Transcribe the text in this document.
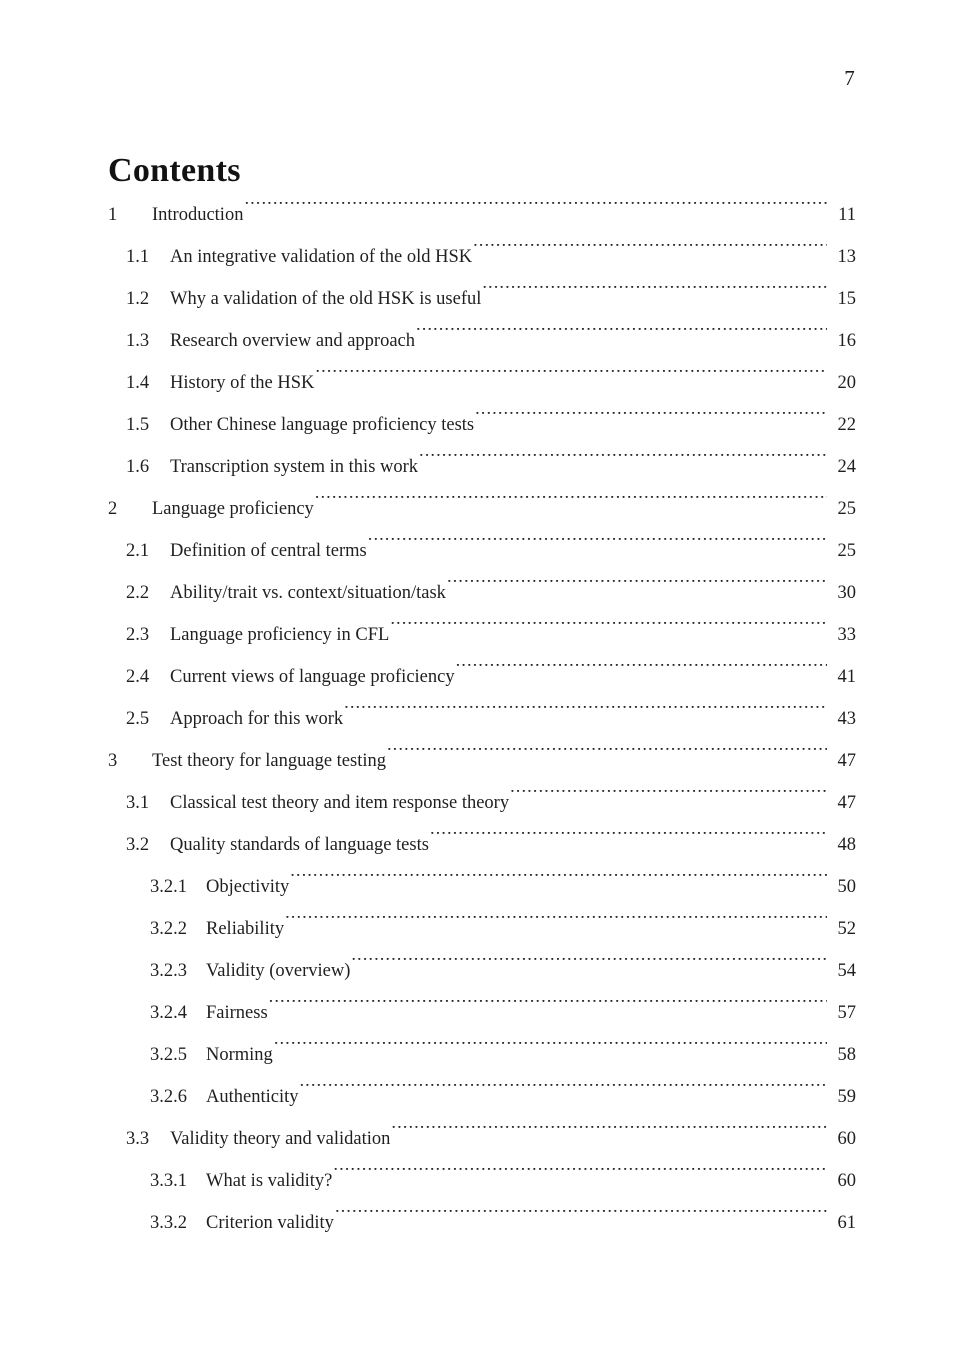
7
Contents
1	Introduction .....	11
1.1	An integrative validation of the old HSK .....	13
1.2	Why a validation of the old HSK is useful .....	15
1.3	Research overview and approach .....	16
1.4	History of the HSK .....	20
1.5	Other Chinese language proficiency tests .....	22
1.6	Transcription system in this work .....	24
2	Language proficiency .....	25
2.1	Definition of central terms .....	25
2.2	Ability/trait vs. context/situation/task .....	30
2.3	Language proficiency in CFL .....	33
2.4	Current views of language proficiency .....	41
2.5	Approach for this work .....	43
3	Test theory for language testing .....	47
3.1	Classical test theory and item response theory .....	47
3.2	Quality standards of language tests .....	48
3.2.1	Objectivity .....	50
3.2.2	Reliability .....	52
3.2.3	Validity (overview) .....	54
3.2.4	Fairness .....	57
3.2.5	Norming .....	58
3.2.6	Authenticity .....	59
3.3	Validity theory and validation .....	60
3.3.1	What is validity? .....	60
3.3.2	Criterion validity .....	61
